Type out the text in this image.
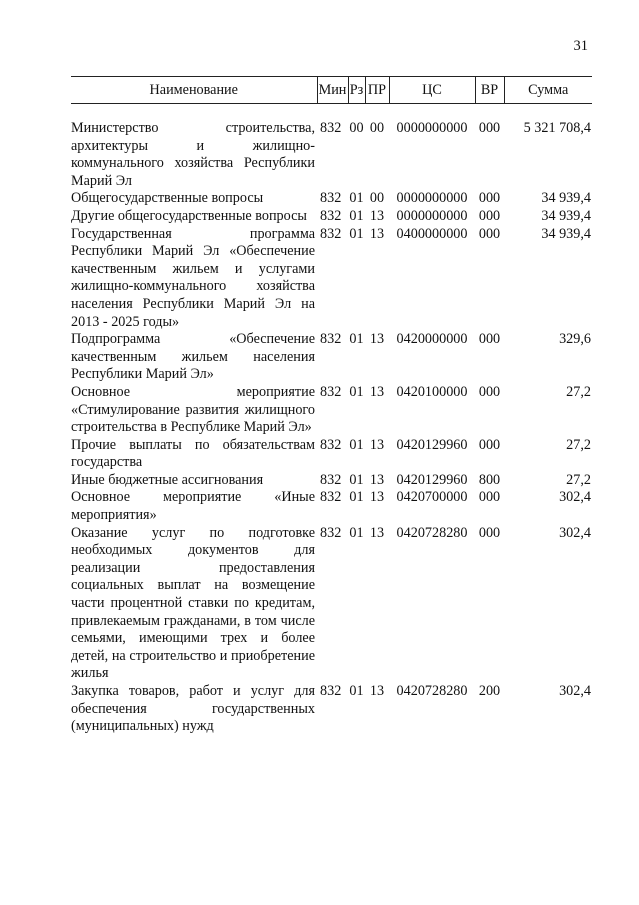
31
Наименование	Мин	Рз	ПР	ЦС	ВР	Сумма

Министерство строительства, архитектуры и жилищно-коммунального хозяйства Республики Марий Эл	832	00	00	0000000000	000	5 321 708,4
Общегосударственные вопросы	832	01	00	0000000000	000	34 939,4
Другие общегосударственные вопросы	832	01	13	0000000000	000	34 939,4
Государственная программа Республики Марий Эл «Обеспечение качественным жильем и услугами жилищно-коммунального хозяйства населения Республики Марий Эл на 2013 - 2025 годы»	832	01	13	0400000000	000	34 939,4
Подпрограмма «Обеспечение качественным жильем населения Республики Марий Эл»	832	01	13	0420000000	000	329,6
Основное мероприятие «Стимулирование развития жилищного строительства в Республике Марий Эл»	832	01	13	0420100000	000	27,2
Прочие выплаты по обязательствам государства	832	01	13	0420129960	000	27,2
Иные бюджетные ассигнования	832	01	13	0420129960	800	27,2
Основное мероприятие «Иные мероприятия»	832	01	13	0420700000	000	302,4
Оказание услуг по подготовке необходимых документов для реализации предоставления социальных выплат на возмещение части процентной ставки по кредитам, привлекаемым гражданами, в том числе семьями, имеющими трех и более детей, на строительство и приобретение жилья	832	01	13	0420728280	000	302,4
Закупка товаров, работ и услуг для обеспечения государственных (муниципальных) нужд	832	01	13	0420728280	200	302,4
